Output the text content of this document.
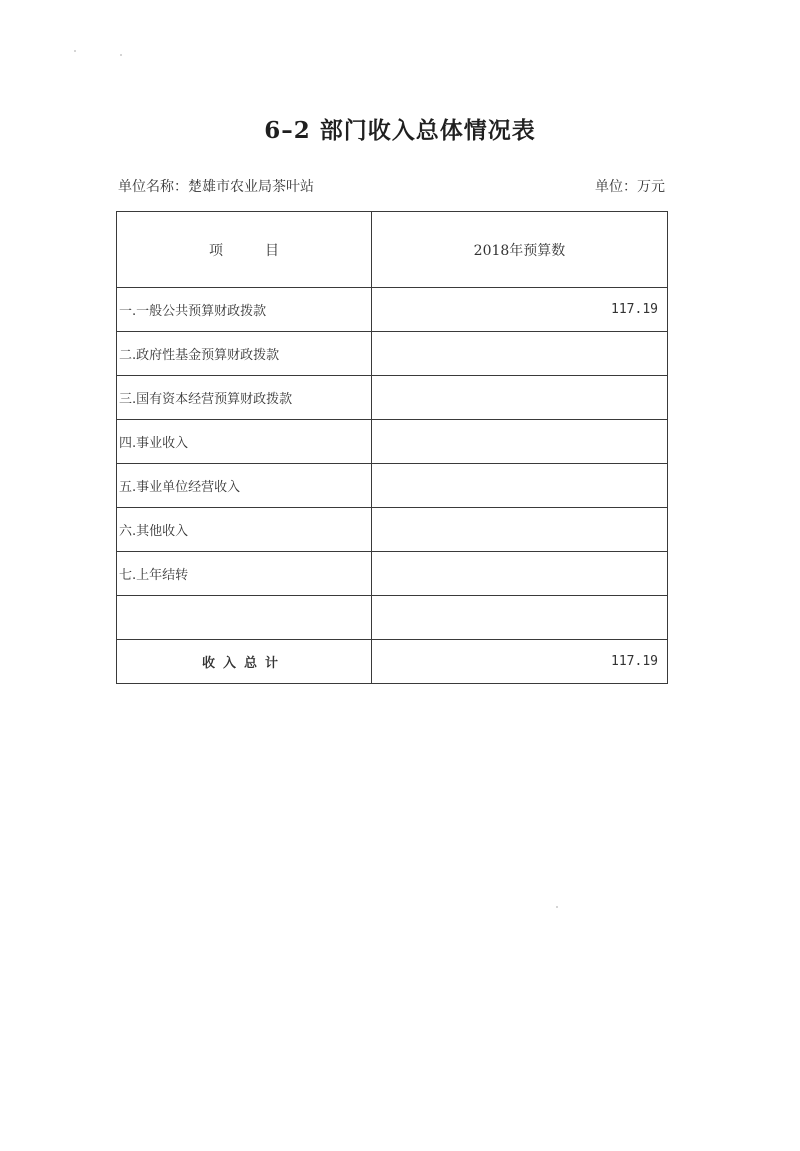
6–2 部门收入总体情况表
单位名称：楚雄市农业局茶叶站	单位：万元
项　　　目	2018年预算数
一.一般公共预算财政拨款	117.19
二.政府性基金预算财政拨款	
三.国有资本经营预算财政拨款	
四.事业收入	
五.事业单位经营收入	
六.其他收入	
七.上年结转	

收入总计	117.19
